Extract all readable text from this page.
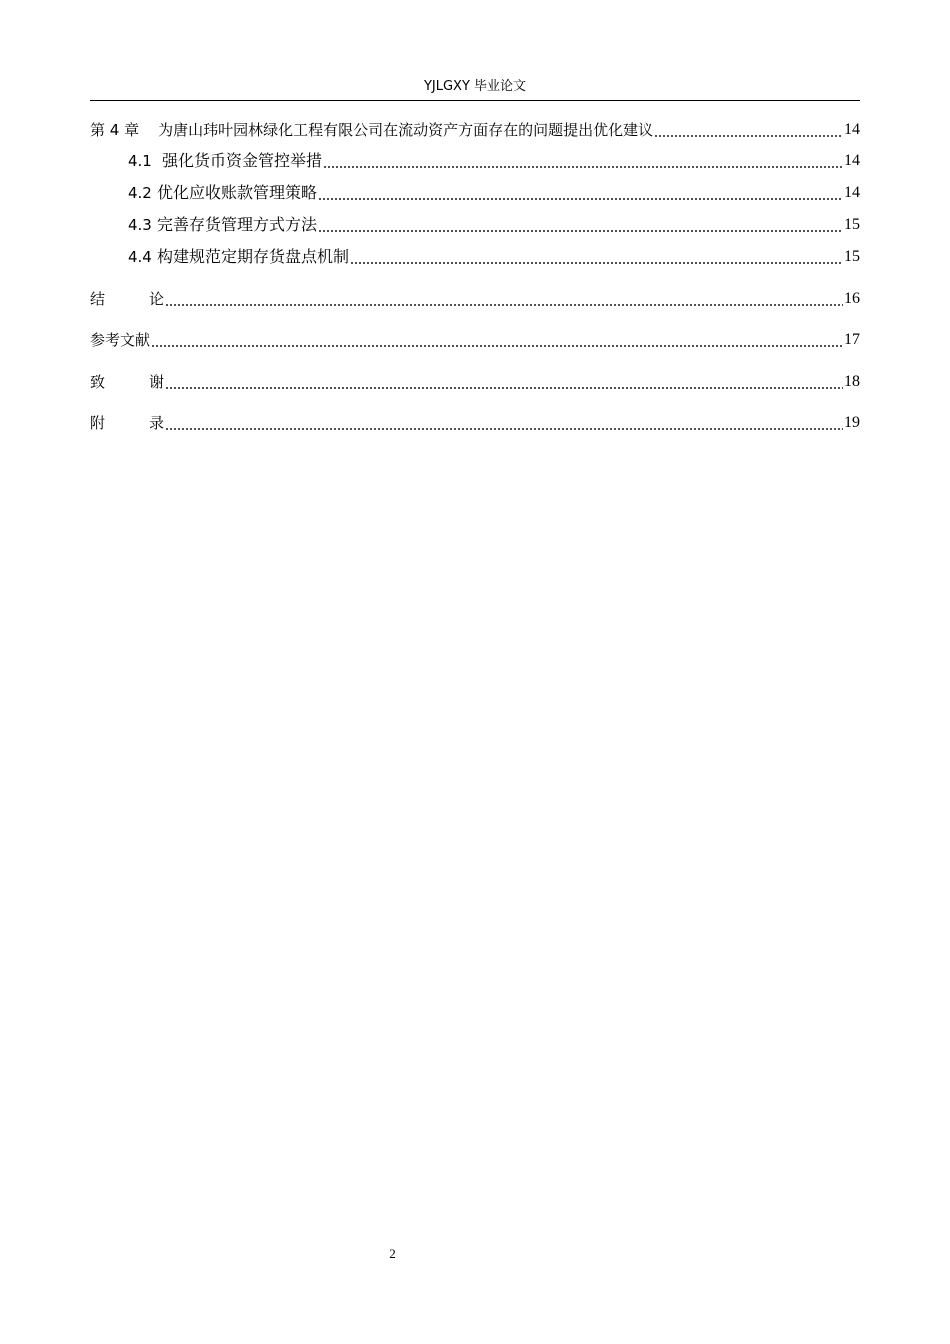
YJLGXY 毕业论文
第 4 章 为唐山玮叶园林绿化工程有限公司在流动资产方面存在的问题提出优化建议	14
4.1 强化货币资金管控举措	14
4.2 优化应收账款管理策略	14
4.3 完善存货管理方式方法	15
4.4 构建规范定期存货盘点机制	15
结	论	16
参考文献	17
致	谢	18
附	录	19
2
